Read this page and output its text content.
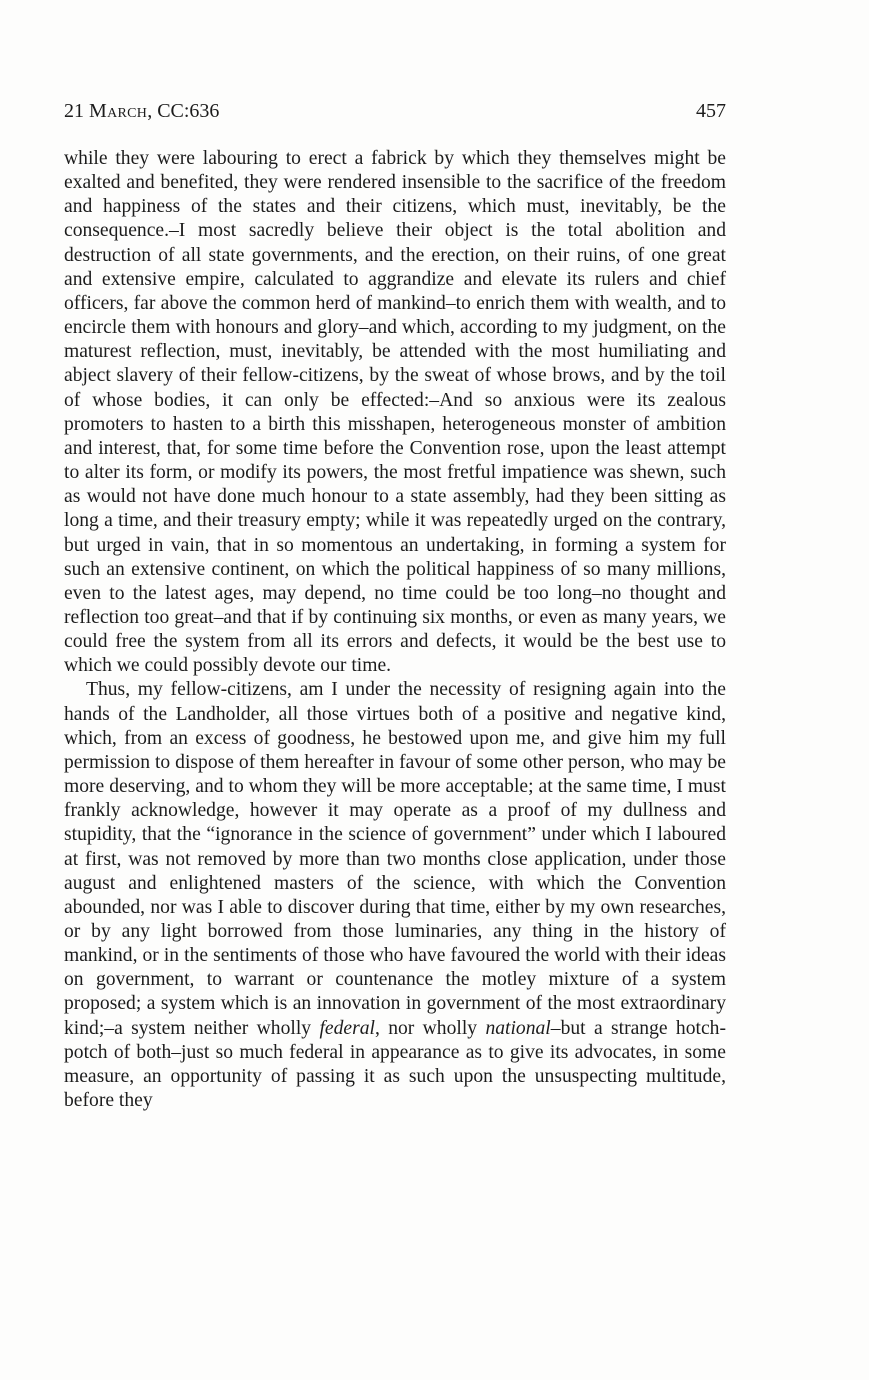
21 March, CC:636	457

while they were labouring to erect a fabrick by which they themselves might be exalted and benefited, they were rendered insensible to the sacrifice of the freedom and happiness of the states and their citizens, which must, inevitably, be the consequence.–I most sacredly believe their object is the total abolition and destruction of all state governments, and the erection, on their ruins, of one great and extensive empire, calculated to aggrandize and elevate its rulers and chief officers, far above the common herd of mankind–to enrich them with wealth, and to encircle them with honours and glory–and which, according to my judgment, on the maturest reflection, must, inevitably, be attended with the most humiliating and abject slavery of their fellow-citizens, by the sweat of whose brows, and by the toil of whose bodies, it can only be effected:–And so anxious were its zealous promoters to hasten to a birth this misshapen, heterogeneous monster of ambition and interest, that, for some time before the Convention rose, upon the least attempt to alter its form, or modify its powers, the most fretful impatience was shewn, such as would not have done much honour to a state assembly, had they been sitting as long a time, and their treasury empty; while it was repeatedly urged on the contrary, but urged in vain, that in so momentous an undertaking, in forming a system for such an extensive continent, on which the political happiness of so many millions, even to the latest ages, may depend, no time could be too long–no thought and reflection too great–and that if by continuing six months, or even as many years, we could free the system from all its errors and defects, it would be the best use to which we could possibly devote our time.

Thus, my fellow-citizens, am I under the necessity of resigning again into the hands of the Landholder, all those virtues both of a positive and negative kind, which, from an excess of goodness, he bestowed upon me, and give him my full permission to dispose of them hereafter in favour of some other person, who may be more deserving, and to whom they will be more acceptable; at the same time, I must frankly acknowledge, however it may operate as a proof of my dullness and stupidity, that the “ignorance in the science of government” under which I laboured at first, was not removed by more than two months close application, under those august and enlightened masters of the science, with which the Convention abounded, nor was I able to discover during that time, either by my own researches, or by any light borrowed from those luminaries, any thing in the history of mankind, or in the sentiments of those who have favoured the world with their ideas on government, to warrant or countenance the motley mixture of a system proposed; a system which is an innovation in government of the most extraordinary kind;–a system neither wholly federal, nor wholly national–but a strange hotch-potch of both–just so much federal in appearance as to give its advocates, in some measure, an opportunity of passing it as such upon the unsuspecting multitude, before they
